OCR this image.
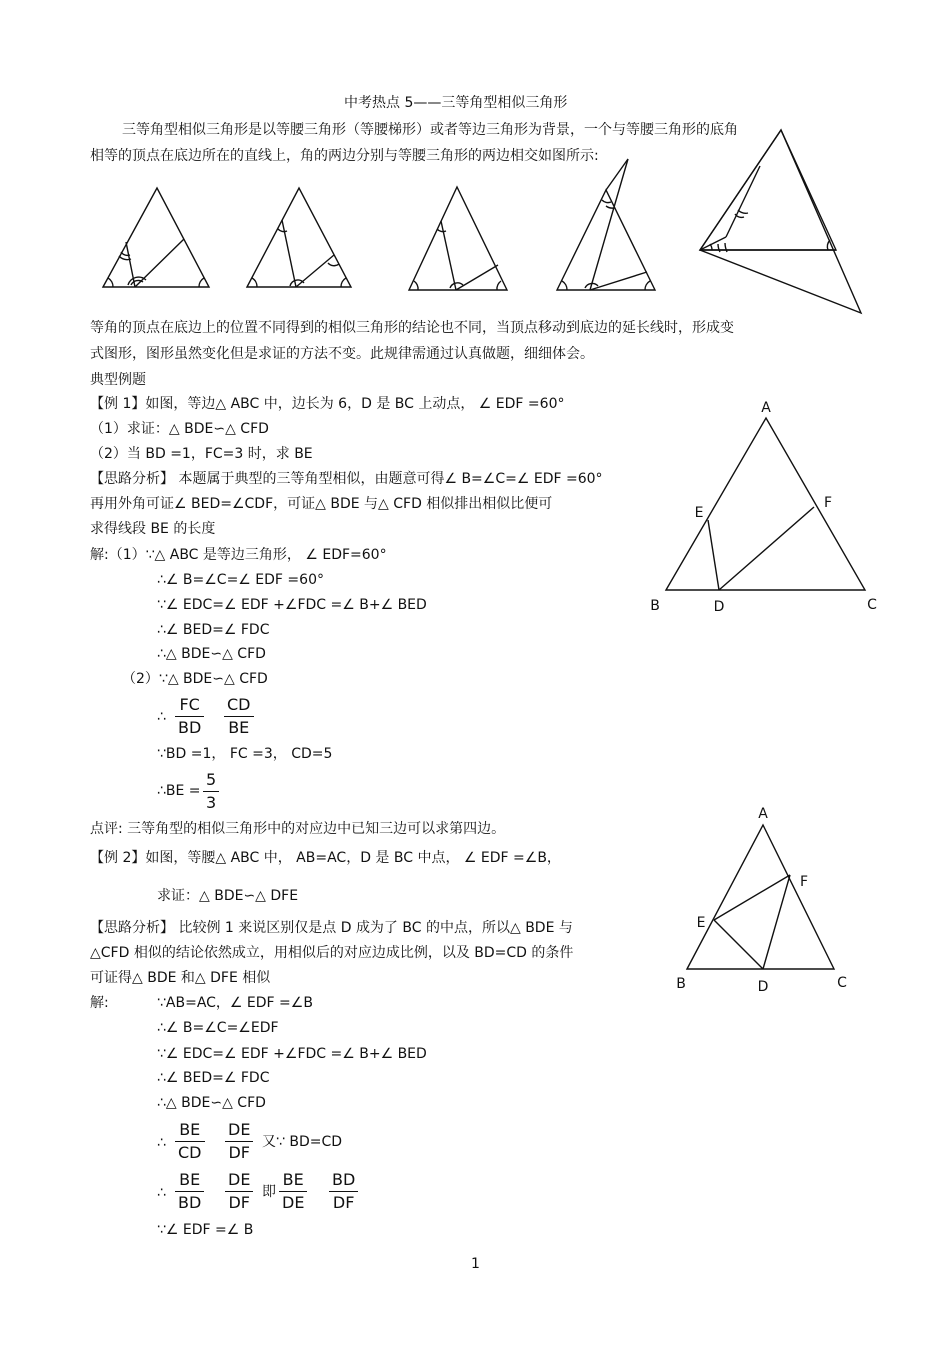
中考热点 5——三等角型相似三角形
三等角型相似三角形是以等腰三角形（等腰梯形）或者等边三角形为背景，一个与等腰三角形的底角
相等的顶点在底边所在的直线上，角的两边分别与等腰三角形的两边相交如图所示:
等角的顶点在底边上的位置不同得到的相似三角形的结论也不同，当顶点移动到底边的延长线时，形成变
式图形，图形虽然变化但是求证的方法不变。此规律需通过认真做题，细细体会。
典型例题
【例 1】如图，等边△ ABC 中，边长为 6，D 是 BC 上动点， ∠ EDF =60°
（1）求证：△ BDE∽△ CFD
（2）当 BD =1，FC=3 时，求 BE
【思路分析】 本题属于典型的三等角型相似，由题意可得∠ B=∠C=∠ EDF =60°
再用外角可证∠ BED=∠CDF，可证△ BDE 与△ CFD 相似排出相似比便可
求得线段 BE 的长度
解:（1）∵△ ABC 是等边三角形， ∠ EDF=60°
∴∠ B=∠C=∠ EDF =60°
∵∠ EDC=∠ EDF +∠FDC =∠ B+∠ BED
∴∠ BED=∠ FDC
∴△ BDE∽△ CFD
（2）∵△ BDE∽△ CFD
∴ $\frac{FC}{BD} \frac{CD}{BE}$
∵BD =1， FC =3， CD=5
∴BE = $\frac{5}{3}$
A
E
F
B	D	C
点评: 三等角型的相似三角形中的对应边中已知三边可以求第四边。
【例 2】如图，等腰△ ABC 中， AB=AC，D 是 BC 中点， ∠ EDF =∠B，
求证：△ BDE∽△ DFE
【思路分析】 比较例 1 来说区别仅是点 D 成为了 BC 的中点，所以△ BDE 与
△CFD 相似的结论依然成立，用相似后的对应边成比例，以及 BD=CD 的条件
可证得△ BDE 和△ DFE 相似
解:	∵AB=AC，∠ EDF =∠B
∴∠ B=∠C=∠EDF
∵∠ EDC=∠ EDF +∠FDC =∠ B+∠ BED
∴∠ BED=∠ FDC
∴△ BDE∽△ CFD
∴ $\frac{BE}{CD} \frac{DE}{DF}$ 又∵ BD=CD
∴ $\frac{BE}{BD} \frac{DE}{DF}$ 即 $\frac{BE}{DE} \frac{BD}{DF}$
∵∠ EDF =∠ B
A
F
E
B	D	C
1
